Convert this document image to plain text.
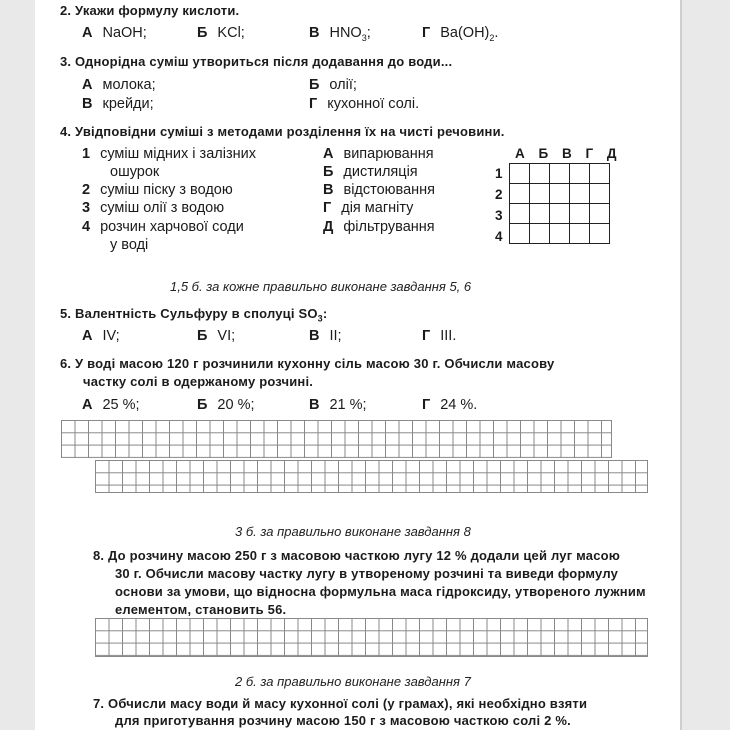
2. Укажи формулу кислоти.
А NaOH;	Б KCl;	В $HNO_3$;	Г $Ba(OH)_2$.
3. Однорідна суміш утвориться після додавання до води...
А молока;	Б олії;
В крейди;	Г кухонної солі.
4. Увідповідни суміші з методами розділення їх на чисті речовини.
1 суміш мідних і залізних
ошурок
2 суміш піску з водою
3 суміш олії з водою
4 розчин харчової соди
у воді
А випарювання
Б дистиляція
В відстоювання
Г дія магніту
Д фільтрування
А Б В Г Д
1
2
3
4

1,5 б. за кожне правильно виконане завдання 5, 6
5. Валентність Сульфуру в сполуці $SO_3$:
А IV;	Б VI;	В II;	Г III.
6. У воді масою 120 г розчинили кухонну сіль масою 30 г. Обчисли масову
частку солі в одержаному розчині.
А 25 %;	Б 20 %;	В 21 %;	Г 24 %.
3 б. за правильно виконане завдання 8
8. До розчину масою 250 г з масовою часткою лугу 12 % додали цей луг масою
30 г. Обчисли масову частку лугу в утвореному розчині та виведи формулу
основи за умови, що відносна формульна маса гідроксиду, утвореного лужним
елементом, становить 56.
2 б. за правильно виконане завдання 7
7. Обчисли масу води й масу кухонної солі (у грамах), які необхідно взяти
для приготування розчину масою 150 г з масовою часткою солі 2 %.
